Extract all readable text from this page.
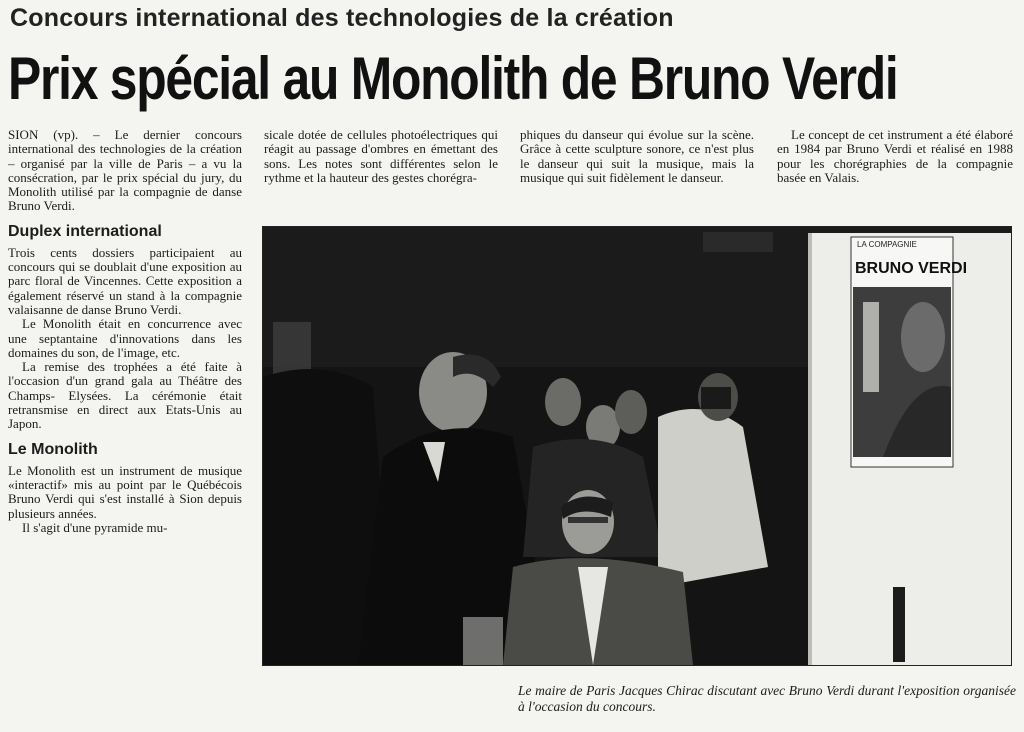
Concours international des technologies de la création
Prix spécial au Monolith de Bruno Verdi

SION (vp). – Le dernier concours international des technologies de la création – organisé par la ville de Paris – a vu la consécration, par le prix spécial du jury, du Monolith utilisé par la compagnie de danse Bruno Verdi.

Duplex international

Trois cents dossiers participaient au concours qui se doublait d'une exposition au parc floral de Vincennes. Cette exposition a également réservé un stand à la compagnie valaisanne de danse Bruno Verdi.

Le Monolith était en concurrence avec une septantaine d'innovations dans les domaines du son, de l'image, etc.

La remise des trophées a été faite à l'occasion d'un grand gala au Théâtre des Champs- Elysées. La cérémonie était retransmise en direct aux Etats-Unis au Japon.

Le Monolith

Le Monolith est un instrument de musique «interactif» mis au point par le Québécois Bruno Verdi qui s'est installé à Sion depuis plusieurs années.

Il s'agit d'une pyramide mu-

sicale dotée de cellules photoélectriques qui réagit au passage d'ombres en émettant des sons. Les notes sont différentes selon le rythme et la hauteur des gestes chorégra-

phiques du danseur qui évolue sur la scène. Grâce à cette sculpture sonore, ce n'est plus le danseur qui suit la musique, mais la musique qui suit fidèlement le danseur.

Le concept de cet instrument a été élaboré en 1984 par Bruno Verdi et réalisé en 1988 pour les chorégraphies de la compagnie basée en Valais.

LA COMPAGNIE
BRUNO VERDI
Le maire de Paris Jacques Chirac discutant avec Bruno Verdi durant l'exposition organisée à l'occasion du concours.
